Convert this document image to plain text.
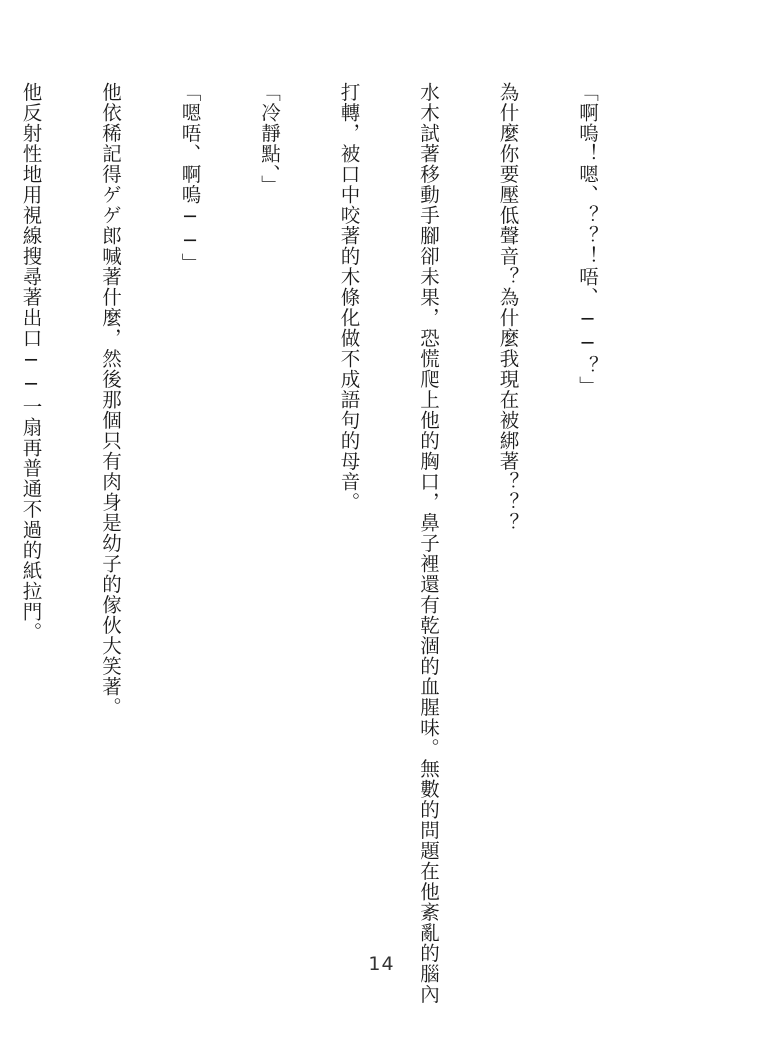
「啊嗚！嗯、？？！唔、──？」

為什麼你要壓低聲音？為什麼我現在被綁著？？？

水木試著移動手腳卻未果，恐慌爬上他的胸口，鼻子裡還有乾涸的血腥味。無數的問題在他紊亂的腦內

打轉，被口中咬著的木條化做不成語句的母音。

「冷靜點、」

「嗯唔、啊嗚──」

他依稀記得ゲゲ郎喊著什麼，然後那個只有肉身是幼子的傢伙大笑著。

他反射性地用視線搜尋著出口──一扇再普通不過的紙拉門。

14
